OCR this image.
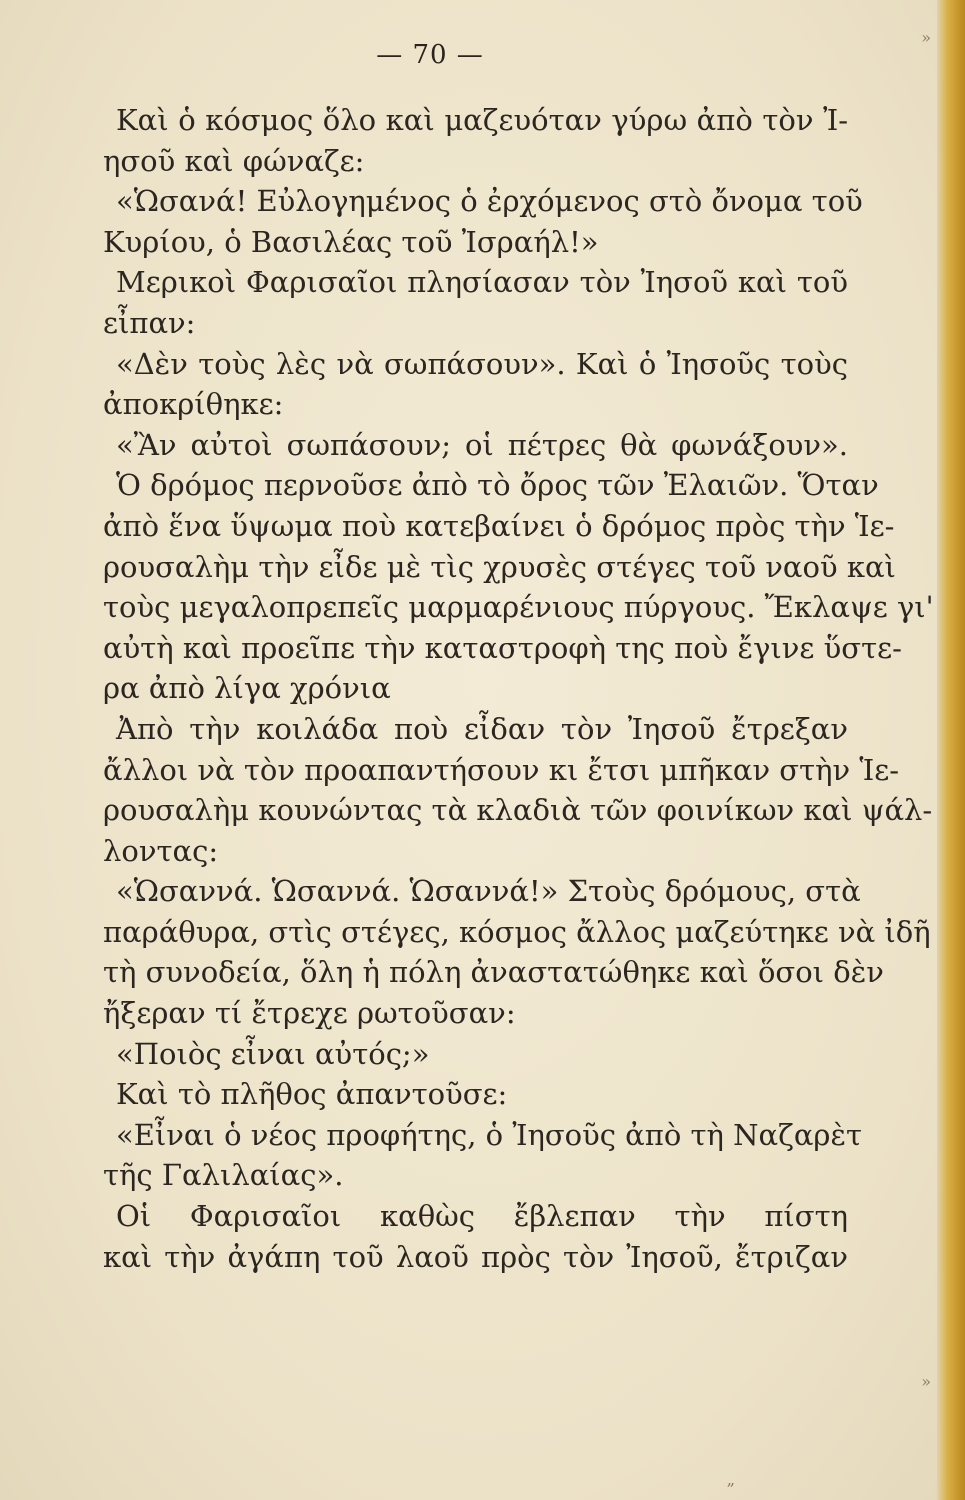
»
»
„
— 70 —
Καὶ ὁ κόσμος ὅλο καὶ μαζευόταν γύρω ἀπὸ τὸν Ἰ-
ησοῦ καὶ φώναζε:
«Ὡσανά! Εὐλογημένος ὁ ἐρχόμενος στὸ ὄνομα τοῦ
Κυρίου, ὁ Βασιλέας τοῦ Ἰσραήλ!»
Μερικοὶ Φαρισαῖοι πλησίασαν τὸν Ἰησοῦ καὶ τοῦ
εἶπαν:
«Δὲν τοὺς λὲς νὰ σωπάσουν». Καὶ ὁ Ἰησοῦς τοὺς
ἀποκρίθηκε:
«Ἂν αὐτοὶ σωπάσουν; οἱ πέτρες θὰ φωνάξουν».
Ὁ δρόμος περνοῦσε ἀπὸ τὸ ὄρος τῶν Ἐλαιῶν. Ὅταν
ἀπὸ ἕνα ὕψωμα ποὺ κατεβαίνει ὁ δρόμος πρὸς τὴν Ἱε-
ρουσαλὴμ τὴν εἶδε μὲ τὶς χρυσὲς στέγες τοῦ ναοῦ καὶ
τοὺς μεγαλοπρεπεῖς μαρμαρένιους πύργους. Ἔκλαψε γι'
αὐτὴ καὶ προεῖπε τὴν καταστροφὴ της ποὺ ἔγινε ὕστε-
ρα ἀπὸ λίγα χρόνια
Ἀπὸ τὴν κοιλάδα ποὺ εἶδαν τὸν Ἰησοῦ ἔτρεξαν
ἄλλοι νὰ τὸν προαπαντήσουν κι ἔτσι μπῆκαν στὴν Ἱε-
ρουσαλὴμ κουνώντας τὰ κλαδιὰ τῶν φοινίκων καὶ ψάλ-
λοντας:
«Ὡσαννά. Ὡσαννά. Ὡσαννά!» Στοὺς δρόμους, στὰ
παράθυρα, στὶς στέγες, κόσμος ἄλλος μαζεύτηκε νὰ ἰδῆ
τὴ συνοδεία, ὅλη ἡ πόλη ἀναστατώθηκε καὶ ὅσοι δὲν
ἤξεραν τί ἔτρεχε ρωτοῦσαν:
«Ποιὸς εἶναι αὐτός;»
Καὶ τὸ πλῆθος ἀπαντοῦσε:
«Εἶναι ὁ νέος προφήτης, ὁ Ἰησοῦς ἀπὸ τὴ Ναζαρὲτ
τῆς Γαλιλαίας».
Οἱ Φαρισαῖοι καθὼς ἔβλεπαν τὴν πίστη
καὶ τὴν ἀγάπη τοῦ λαοῦ πρὸς τὸν Ἰησοῦ, ἔτριζαν
